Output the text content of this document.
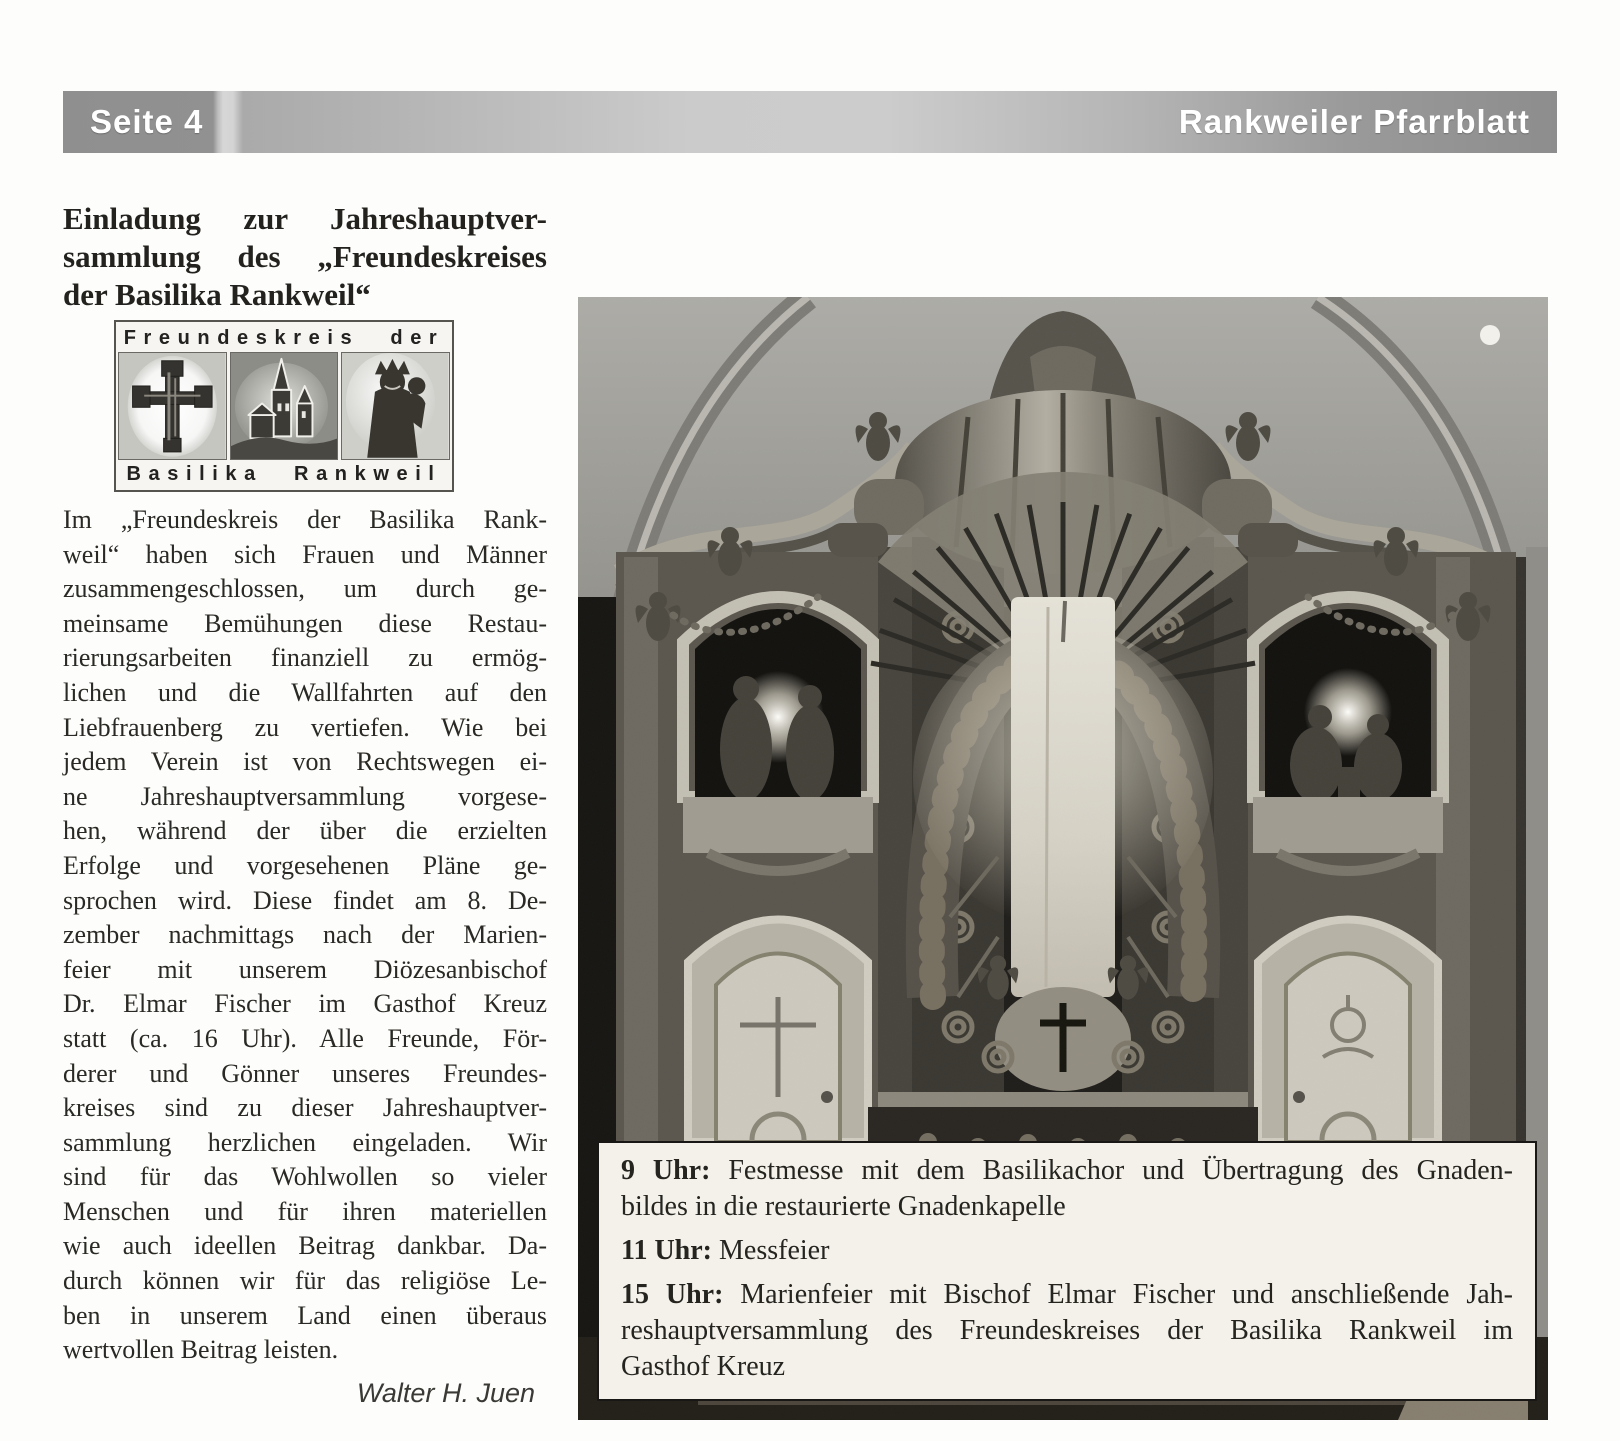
Seite 4	Rankweiler Pfarrblatt
Einladung zur Jahreshauptver-
sammlung des „Freundeskreises
der Basilika Rankweil“
Freundeskreis der
Basilika Rankweil
Im „Freundeskreis der Basilika Rank-
weil“ haben sich Frauen und Männer
zusammengeschlossen, um durch ge-
meinsame Bemühungen diese Restau-
rierungsarbeiten finanziell zu ermög-
lichen und die Wallfahrten auf den
Liebfrauenberg zu vertiefen. Wie bei
jedem Verein ist von Rechtswegen ei-
ne Jahreshauptversammlung vorgese-
hen, während der über die erzielten
Erfolge und vorgesehenen Pläne ge-
sprochen wird. Diese findet am 8. De-
zember nachmittags nach der Marien-
feier mit unserem Diözesanbischof
Dr. Elmar Fischer im Gasthof Kreuz
statt (ca. 16 Uhr). Alle Freunde, För-
derer und Gönner unseres Freundes-
kreises sind zu dieser Jahreshauptver-
sammlung herzlichen eingeladen. Wir
sind für das Wohlwollen so vieler
Menschen und für ihren materiellen
wie auch ideellen Beitrag dankbar. Da-
durch können wir für das religiöse Le-
ben in unserem Land einen überaus
wertvollen Beitrag leisten.
Walter H. Juen
9 Uhr: Festmesse mit dem Basilikachor und Übertragung des Gnaden-
bildes in die restaurierte Gnadenkapelle
11 Uhr: Messfeier
15 Uhr: Marienfeier mit Bischof Elmar Fischer und anschließende Jah-
reshauptversammlung des Freundeskreises der Basilika Rankweil im
Gasthof Kreuz
